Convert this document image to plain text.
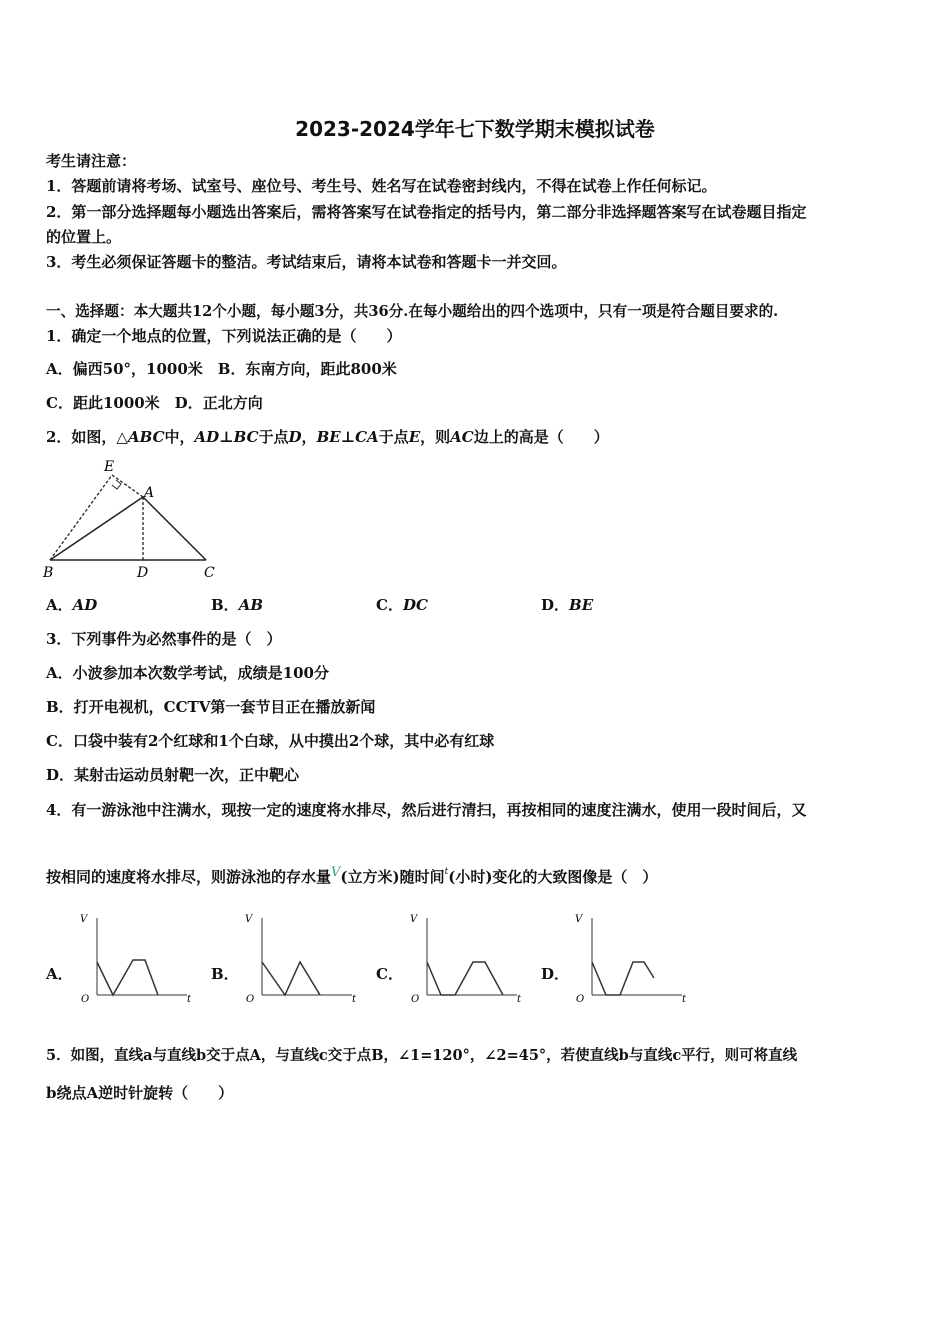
2023-2024学年七下数学期末模拟试卷
考生请注意：
1．答题前请将考场、试室号、座位号、考生号、姓名写在试卷密封线内，不得在试卷上作任何标记。
2．第一部分选择题每小题选出答案后，需将答案写在试卷指定的括号内，第二部分非选择题答案写在试卷题目指定
的位置上。
3．考生必须保证答题卡的整洁。考试结束后，请将本试卷和答题卡一并交回。
一、选择题：本大题共12个小题，每小题3分，共36分.在每小题给出的四个选项中，只有一项是符合题目要求的.
1．确定一个地点的位置，下列说法正确的是（　　）
A．偏西50°，1000米　B．东南方向，距此800米
C．距此1000米　D．正北方向
2．如图，△ABC中，AD⊥BC于点D，BE⊥CA于点E，则AC边上的高是（　　）
E
A
B	D	C
A．AD	B．AB	C．DC	D．BE
3．下列事件为必然事件的是（　）
A．小波参加本次数学考试，成绩是100分
B．打开电视机，CCTV第一套节目正在播放新闻
C．口袋中装有2个红球和1个白球，从中摸出2个球，其中必有红球
D．某射击运动员射靶一次，正中靶心
4．有一游泳池中注满水，现按一定的速度将水排尽，然后进行清扫，再按相同的速度注满水，使用一段时间后，又
按相同的速度将水排尽，则游泳池的存水量V(立方米)随时间$^t$(小时)变化的大致图像是（　）
A．
V
O	t
B．
V
O	t
C．
V
O	t
D．
V
O	t
5．如图，直线a与直线b交于点A，与直线c交于点B，∠1=120°，∠2=45°，若使直线b与直线c平行，则可将直线
b绕点A逆时针旋转（　　）
